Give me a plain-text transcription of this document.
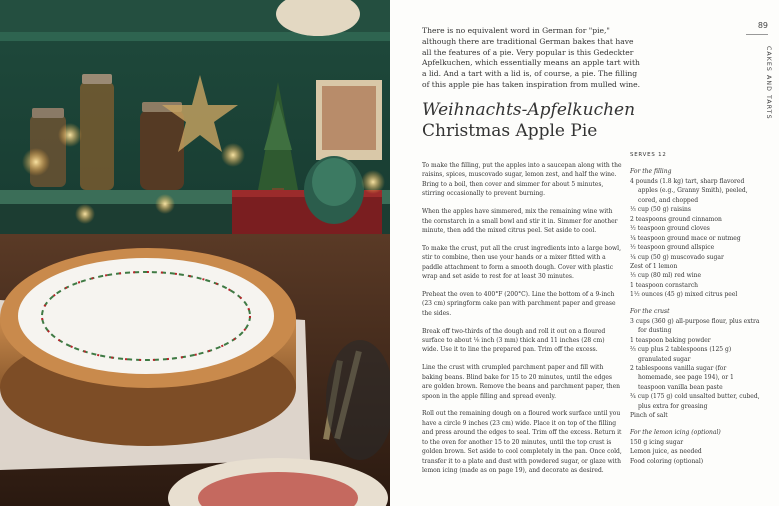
89
CAKES AND TARTS

There is no equivalent word in German for "pie," although there are traditional German bakes that have all the features of a pie. Very popular is this Gedeckter Apfelkuchen, which essentially means an apple tart with a lid. And a tart with a lid is, of course, a pie. The filling of this apple pie has taken inspiration from mulled wine.

Weihnachts-Apfelkuchen
Christmas Apple Pie

To make the filling, put the apples into a saucepan along with the raisins, spices, muscovado sugar, lemon zest, and half the wine. Bring to a boil, then cover and simmer for about 5 minutes, stirring occasionally to prevent burning.

When the apples have simmered, mix the remaining wine with the cornstarch in a small bowl and stir it in. Simmer for another minute, then add the mixed citrus peel. Set aside to cool.

To make the crust, put all the crust ingredients into a large bowl, stir to combine, then use your hands or a mixer fitted with a paddle attachment to form a smooth dough. Cover with plastic wrap and set aside to rest for at least 30 minutes.

Preheat the oven to 400°F (200°C). Line the bottom of a 9-inch (23 cm) springform cake pan with parchment paper and grease the sides.

Break off two-thirds of the dough and roll it out on a floured surface to about ⅛ inch (3 mm) thick and 11 inches (28 cm) wide. Use it to line the prepared pan. Trim off the excess.

Line the crust with crumpled parchment paper and fill with baking beans. Blind bake for 15 to 20 minutes, until the edges are golden brown. Remove the beans and parchment paper, then spoon in the apple filling and spread evenly.

Roll out the remaining dough on a floured work surface until you have a circle 9 inches (23 cm) wide. Place it on top of the filling and press around the edges to seal. Trim off the excess. Return it to the oven for another 15 to 20 minutes, until the top crust is golden brown. Set aside to cool completely in the pan. Once cold, transfer it to a plate and dust with powdered sugar, or glaze with lemon icing (made as on page 19), and decorate as desired.

SERVES 12
For the filling
4 pounds (1.8 kg) tart, sharp flavored apples (e.g., Granny Smith), peeled, cored, and chopped
⅓ cup (50 g) raisins
2 teaspoons ground cinnamon
½ teaspoon ground cloves
¼ teaspoon ground mace or nutmeg
½ teaspoon ground allspice
¼ cup (50 g) muscovado sugar
Zest of 1 lemon
⅓ cup (80 ml) red wine
1 teaspoon cornstarch
1½ ounces (45 g) mixed citrus peel
For the crust
3 cups (360 g) all-purpose flour, plus extra for dusting
1 teaspoon baking powder
⅔ cup plus 2 tablespoons (125 g) granulated sugar
2 tablespoons vanilla sugar (for homemade, see page 194), or 1 teaspoon vanilla bean paste
¾ cup (175 g) cold unsalted butter, cubed, plus extra for greasing
Pinch of salt
For the lemon icing (optional)
150 g icing sugar
Lemon juice, as needed
Food coloring (optional)
